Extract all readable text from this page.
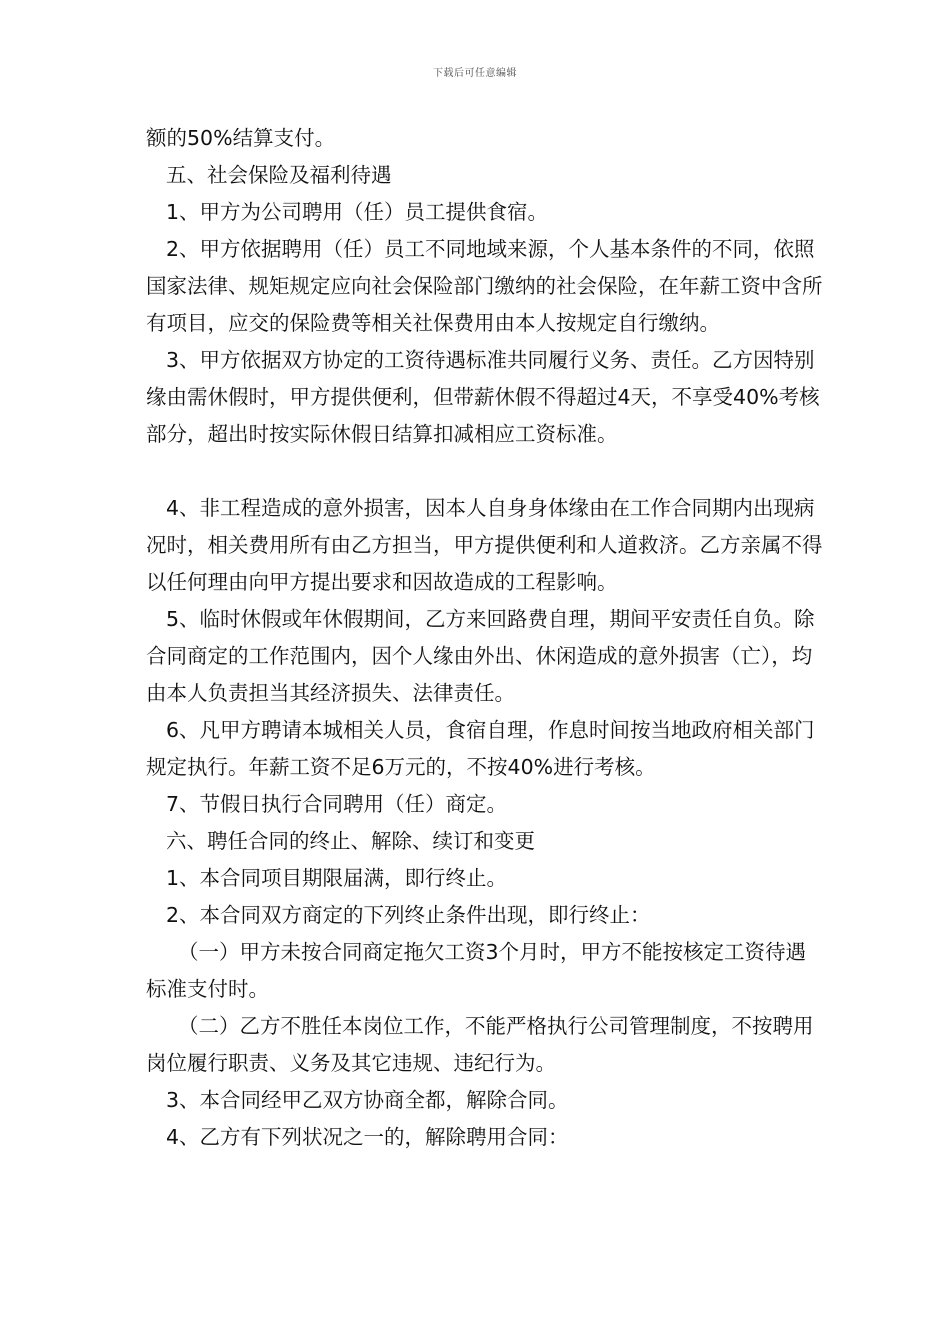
下载后可任意编辑

额的50%结算支付。

五、社会保险及福利待遇

1、甲方为公司聘用（任）员工提供食宿。

2、甲方依据聘用（任）员工不同地域来源，个人基本条件的不同，依照国家法律、规矩规定应向社会保险部门缴纳的社会保险，在年薪工资中含所有项目，应交的保险费等相关社保费用由本人按规定自行缴纳。

3、甲方依据双方协定的工资待遇标准共同履行义务、责任。乙方因特别缘由需休假时，甲方提供便利，但带薪休假不得超过4天，不享受40%考核部分，超出时按实际休假日结算扣减相应工资标准。

4、非工程造成的意外损害，因本人自身身体缘由在工作合同期内出现病况时，相关费用所有由乙方担当，甲方提供便利和人道救济。乙方亲属不得以任何理由向甲方提出要求和因故造成的工程影响。

5、临时休假或年休假期间，乙方来回路费自理，期间平安责任自负。除合同商定的工作范围内，因个人缘由外出、休闲造成的意外损害（亡），均由本人负责担当其经济损失、法律责任。

6、凡甲方聘请本城相关人员，食宿自理，作息时间按当地政府相关部门规定执行。年薪工资不足6万元的，不按40%进行考核。

7、节假日执行合同聘用（任）商定。

六、聘任合同的终止、解除、续订和变更

1、本合同项目期限届满，即行终止。

2、本合同双方商定的下列终止条件出现，即行终止：

（一）甲方未按合同商定拖欠工资3个月时，甲方不能按核定工资待遇标准支付时。

（二）乙方不胜任本岗位工作，不能严格执行公司管理制度，不按聘用岗位履行职责、义务及其它违规、违纪行为。

3、本合同经甲乙双方协商全都，解除合同。

4、乙方有下列状况之一的，解除聘用合同：
